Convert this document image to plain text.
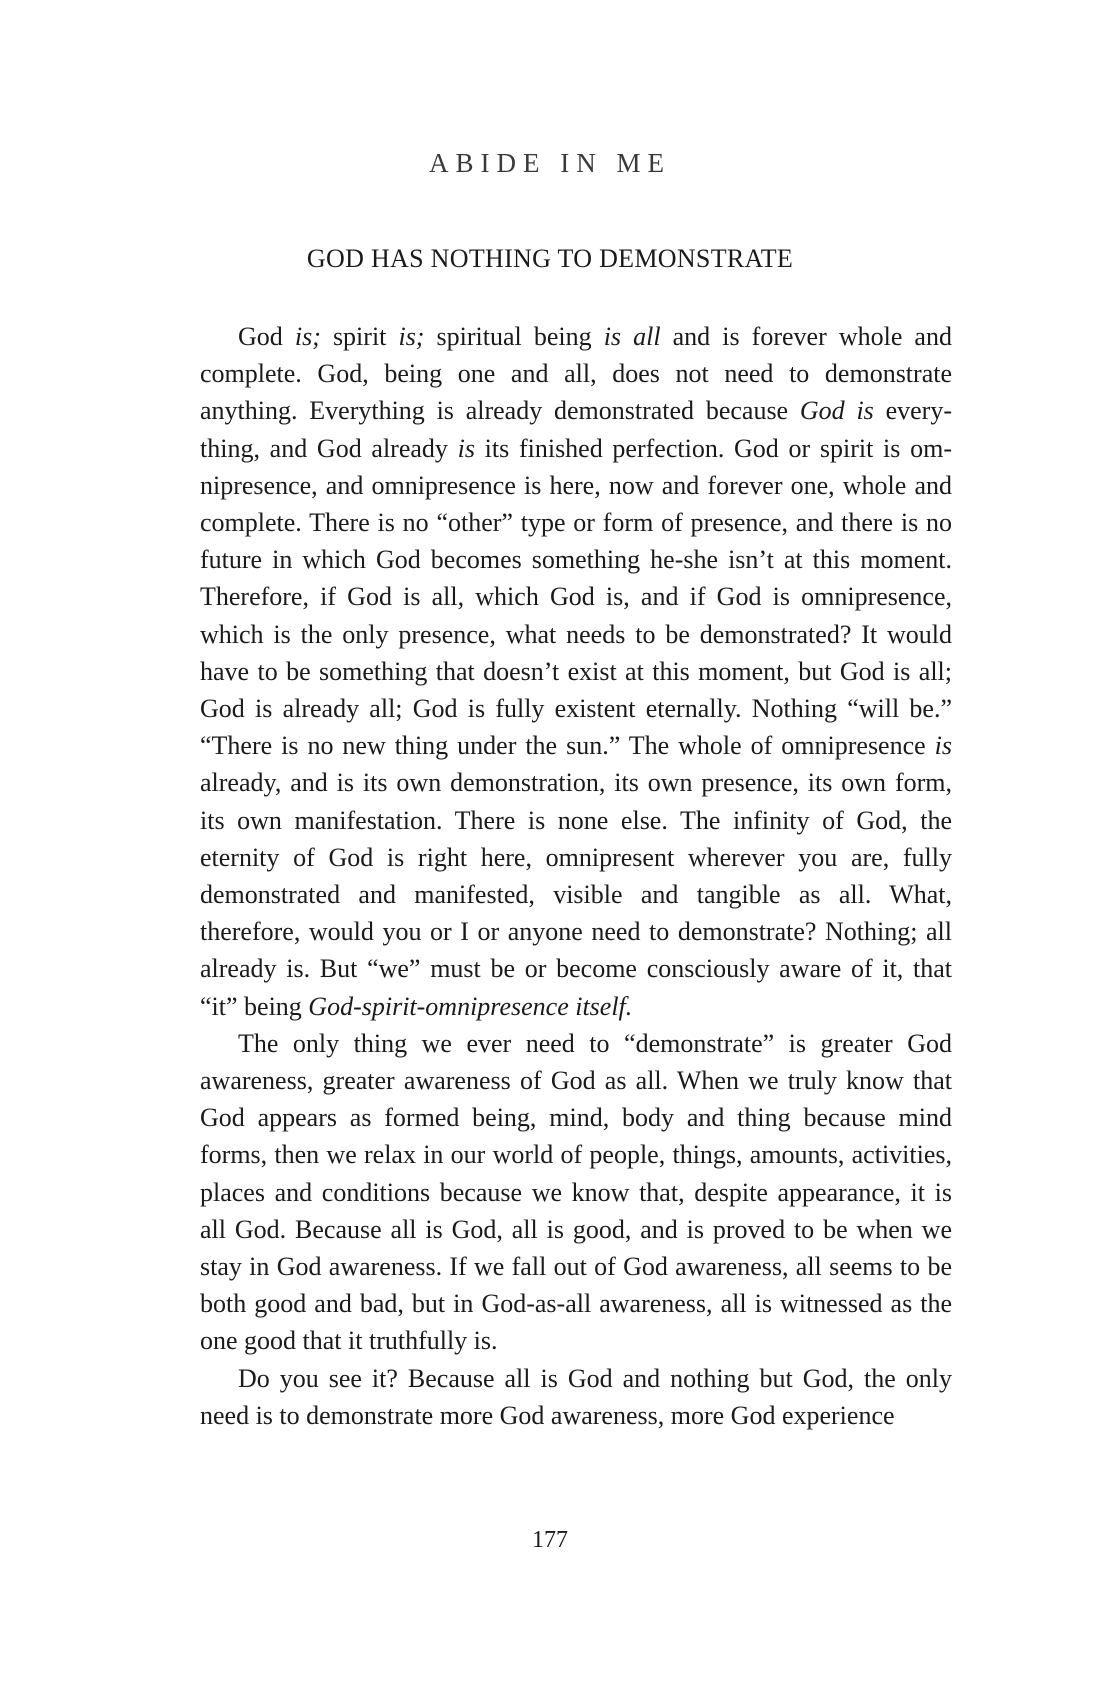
ABIDE IN ME
GOD HAS NOTHING TO DEMONSTRATE

God is; spirit is; spiritual being is all and is forever whole and complete. God, being one and all, does not need to demonstrate anything. Everything is already demonstrated because God is everything, and God already is its finished perfection. God or spirit is omnipresence, and omnipresence is here, now and forever one, whole and complete. There is no “other” type or form of presence, and there is no future in which God becomes something he-she isn’t at this moment. Therefore, if God is all, which God is, and if God is omnipresence, which is the only presence, what needs to be demonstrated? It would have to be something that doesn’t exist at this moment, but God is all; God is already all; God is fully existent eternally. Nothing “will be.” “There is no new thing under the sun.” The whole of omnipresence is already, and is its own demonstration, its own presence, its own form, its own manifestation. There is none else. The infinity of God, the eternity of God is right here, omnipresent wherever you are, fully demonstrated and manifested, visible and tangible as all. What, therefore, would you or I or anyone need to demonstrate? Nothing; all already is. But “we” must be or become consciously aware of it, that “it” being God-spirit-omnipresence itself.

The only thing we ever need to “demonstrate” is greater God awareness, greater awareness of God as all. When we truly know that God appears as formed being, mind, body and thing because mind forms, then we relax in our world of people, things, amounts, activities, places and conditions because we know that, despite appearance, it is all God. Because all is God, all is good, and is proved to be when we stay in God awareness. If we fall out of God awareness, all seems to be both good and bad, but in God-as-all awareness, all is witnessed as the one good that it truthfully is.

Do you see it? Because all is God and nothing but God, the only need is to demonstrate more God awareness, more God experience

177
